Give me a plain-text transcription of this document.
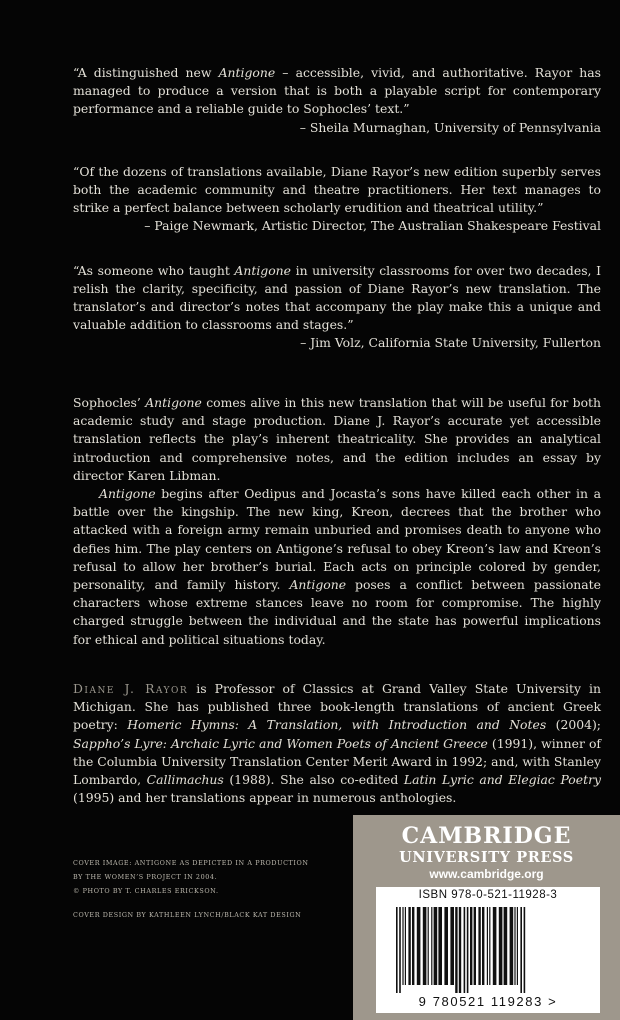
“A distinguished new Antigone – accessible, vivid, and authoritative. Rayor has managed to produce a version that is both a playable script for contemporary performance and a reliable guide to Sophocles’ text.”

– Sheila Murnaghan, University of Pennsylvania

“Of the dozens of translations available, Diane Rayor’s new edition superbly serves both the academic community and theatre practitioners. Her text manages to strike a perfect balance between scholarly erudition and theatrical utility.”

– Paige Newmark, Artistic Director, The Australian Shakespeare Festival

“As someone who taught Antigone in university classrooms for over two decades, I relish the clarity, specificity, and passion of Diane Rayor’s new translation. The translator’s and director’s notes that accompany the play make this a unique and valuable addition to classrooms and stages.”

– Jim Volz, California State University, Fullerton

Sophocles’ Antigone comes alive in this new translation that will be useful for both academic study and stage production. Diane J. Rayor’s accurate yet accessible translation reflects the play’s inherent theatricality. She provides an analytical introduction and comprehensive notes, and the edition includes an essay by director Karen Libman.

Antigone begins after Oedipus and Jocasta’s sons have killed each other in a battle over the kingship. The new king, Kreon, decrees that the brother who attacked with a foreign army remain unburied and promises death to anyone who defies him. The play centers on Antigone’s refusal to obey Kreon’s law and Kreon’s refusal to allow her brother’s burial. Each acts on principle colored by gender, personality, and family history. Antigone poses a conflict between passionate characters whose extreme stances leave no room for compromise. The highly charged struggle between the individual and the state has powerful implications for ethical and political situations today.

Diane J. Rayor is Professor of Classics at Grand Valley State University in Michigan. She has published three book-length translations of ancient Greek poetry: Homeric Hymns: A Translation, with Introduction and Notes (2004); Sappho’s Lyre: Archaic Lyric and Women Poets of Ancient Greece (1991), winner of the Columbia University Translation Center Merit Award in 1992; and, with Stanley Lombardo, Callimachus (1988). She also co-edited Latin Lyric and Elegiac Poetry (1995) and her translations appear in numerous anthologies.

COVER IMAGE: ANTIGONE AS DEPICTED IN A PRODUCTION
BY THE WOMEN’S PROJECT IN 2004.
© PHOTO BY T. CHARLES ERICKSON.
COVER DESIGN BY KATHLEEN LYNCH/BLACK KAT DESIGN
CAMBRIDGE
UNIVERSITY PRESS
www.cambridge.org
ISBN 978-0-521-11928-3
9 780521 119283 >
